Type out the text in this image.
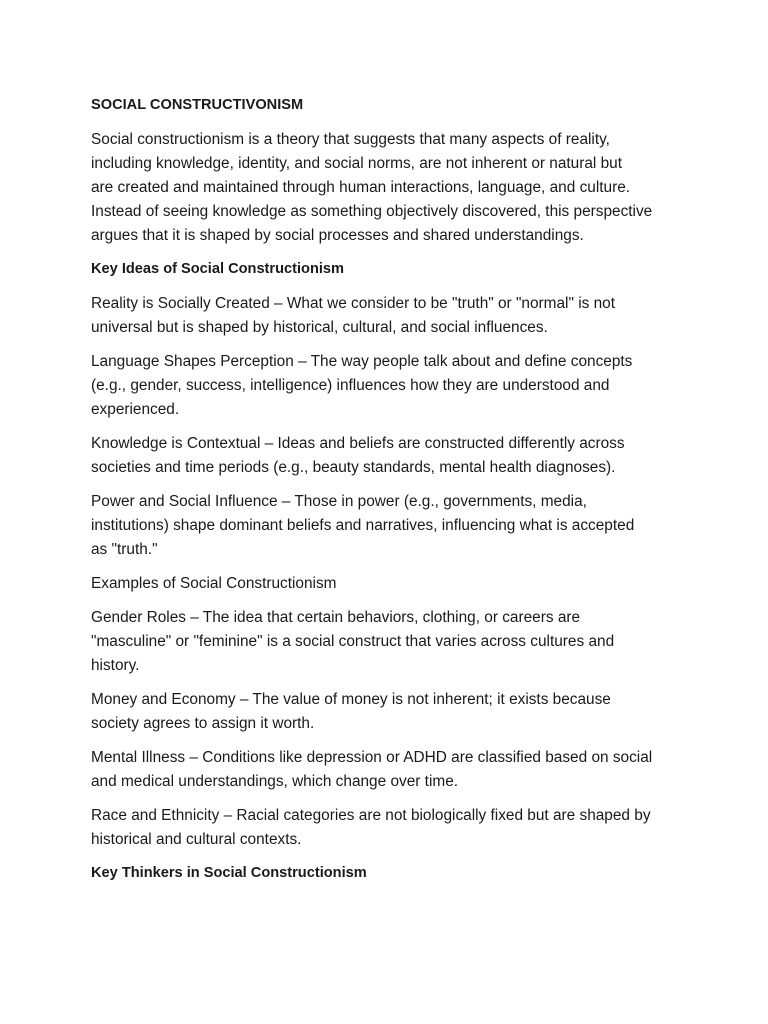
SOCIAL CONSTRUCTIVONISM
Social constructionism is a theory that suggests that many aspects of reality,
including knowledge, identity, and social norms, are not inherent or natural but
are created and maintained through human interactions, language, and culture.
Instead of seeing knowledge as something objectively discovered, this perspective
argues that it is shaped by social processes and shared understandings.
Key Ideas of Social Constructionism
Reality is Socially Created – What we consider to be "truth" or "normal" is not
universal but is shaped by historical, cultural, and social influences.
Language Shapes Perception – The way people talk about and define concepts
(e.g., gender, success, intelligence) influences how they are understood and
experienced.
Knowledge is Contextual – Ideas and beliefs are constructed differently across
societies and time periods (e.g., beauty standards, mental health diagnoses).
Power and Social Influence – Those in power (e.g., governments, media,
institutions) shape dominant beliefs and narratives, influencing what is accepted
as "truth."
Examples of Social Constructionism
Gender Roles – The idea that certain behaviors, clothing, or careers are
"masculine" or "feminine" is a social construct that varies across cultures and
history.
Money and Economy – The value of money is not inherent; it exists because
society agrees to assign it worth.
Mental Illness – Conditions like depression or ADHD are classified based on social
and medical understandings, which change over time.
Race and Ethnicity – Racial categories are not biologically fixed but are shaped by
historical and cultural contexts.
Key Thinkers in Social Constructionism
